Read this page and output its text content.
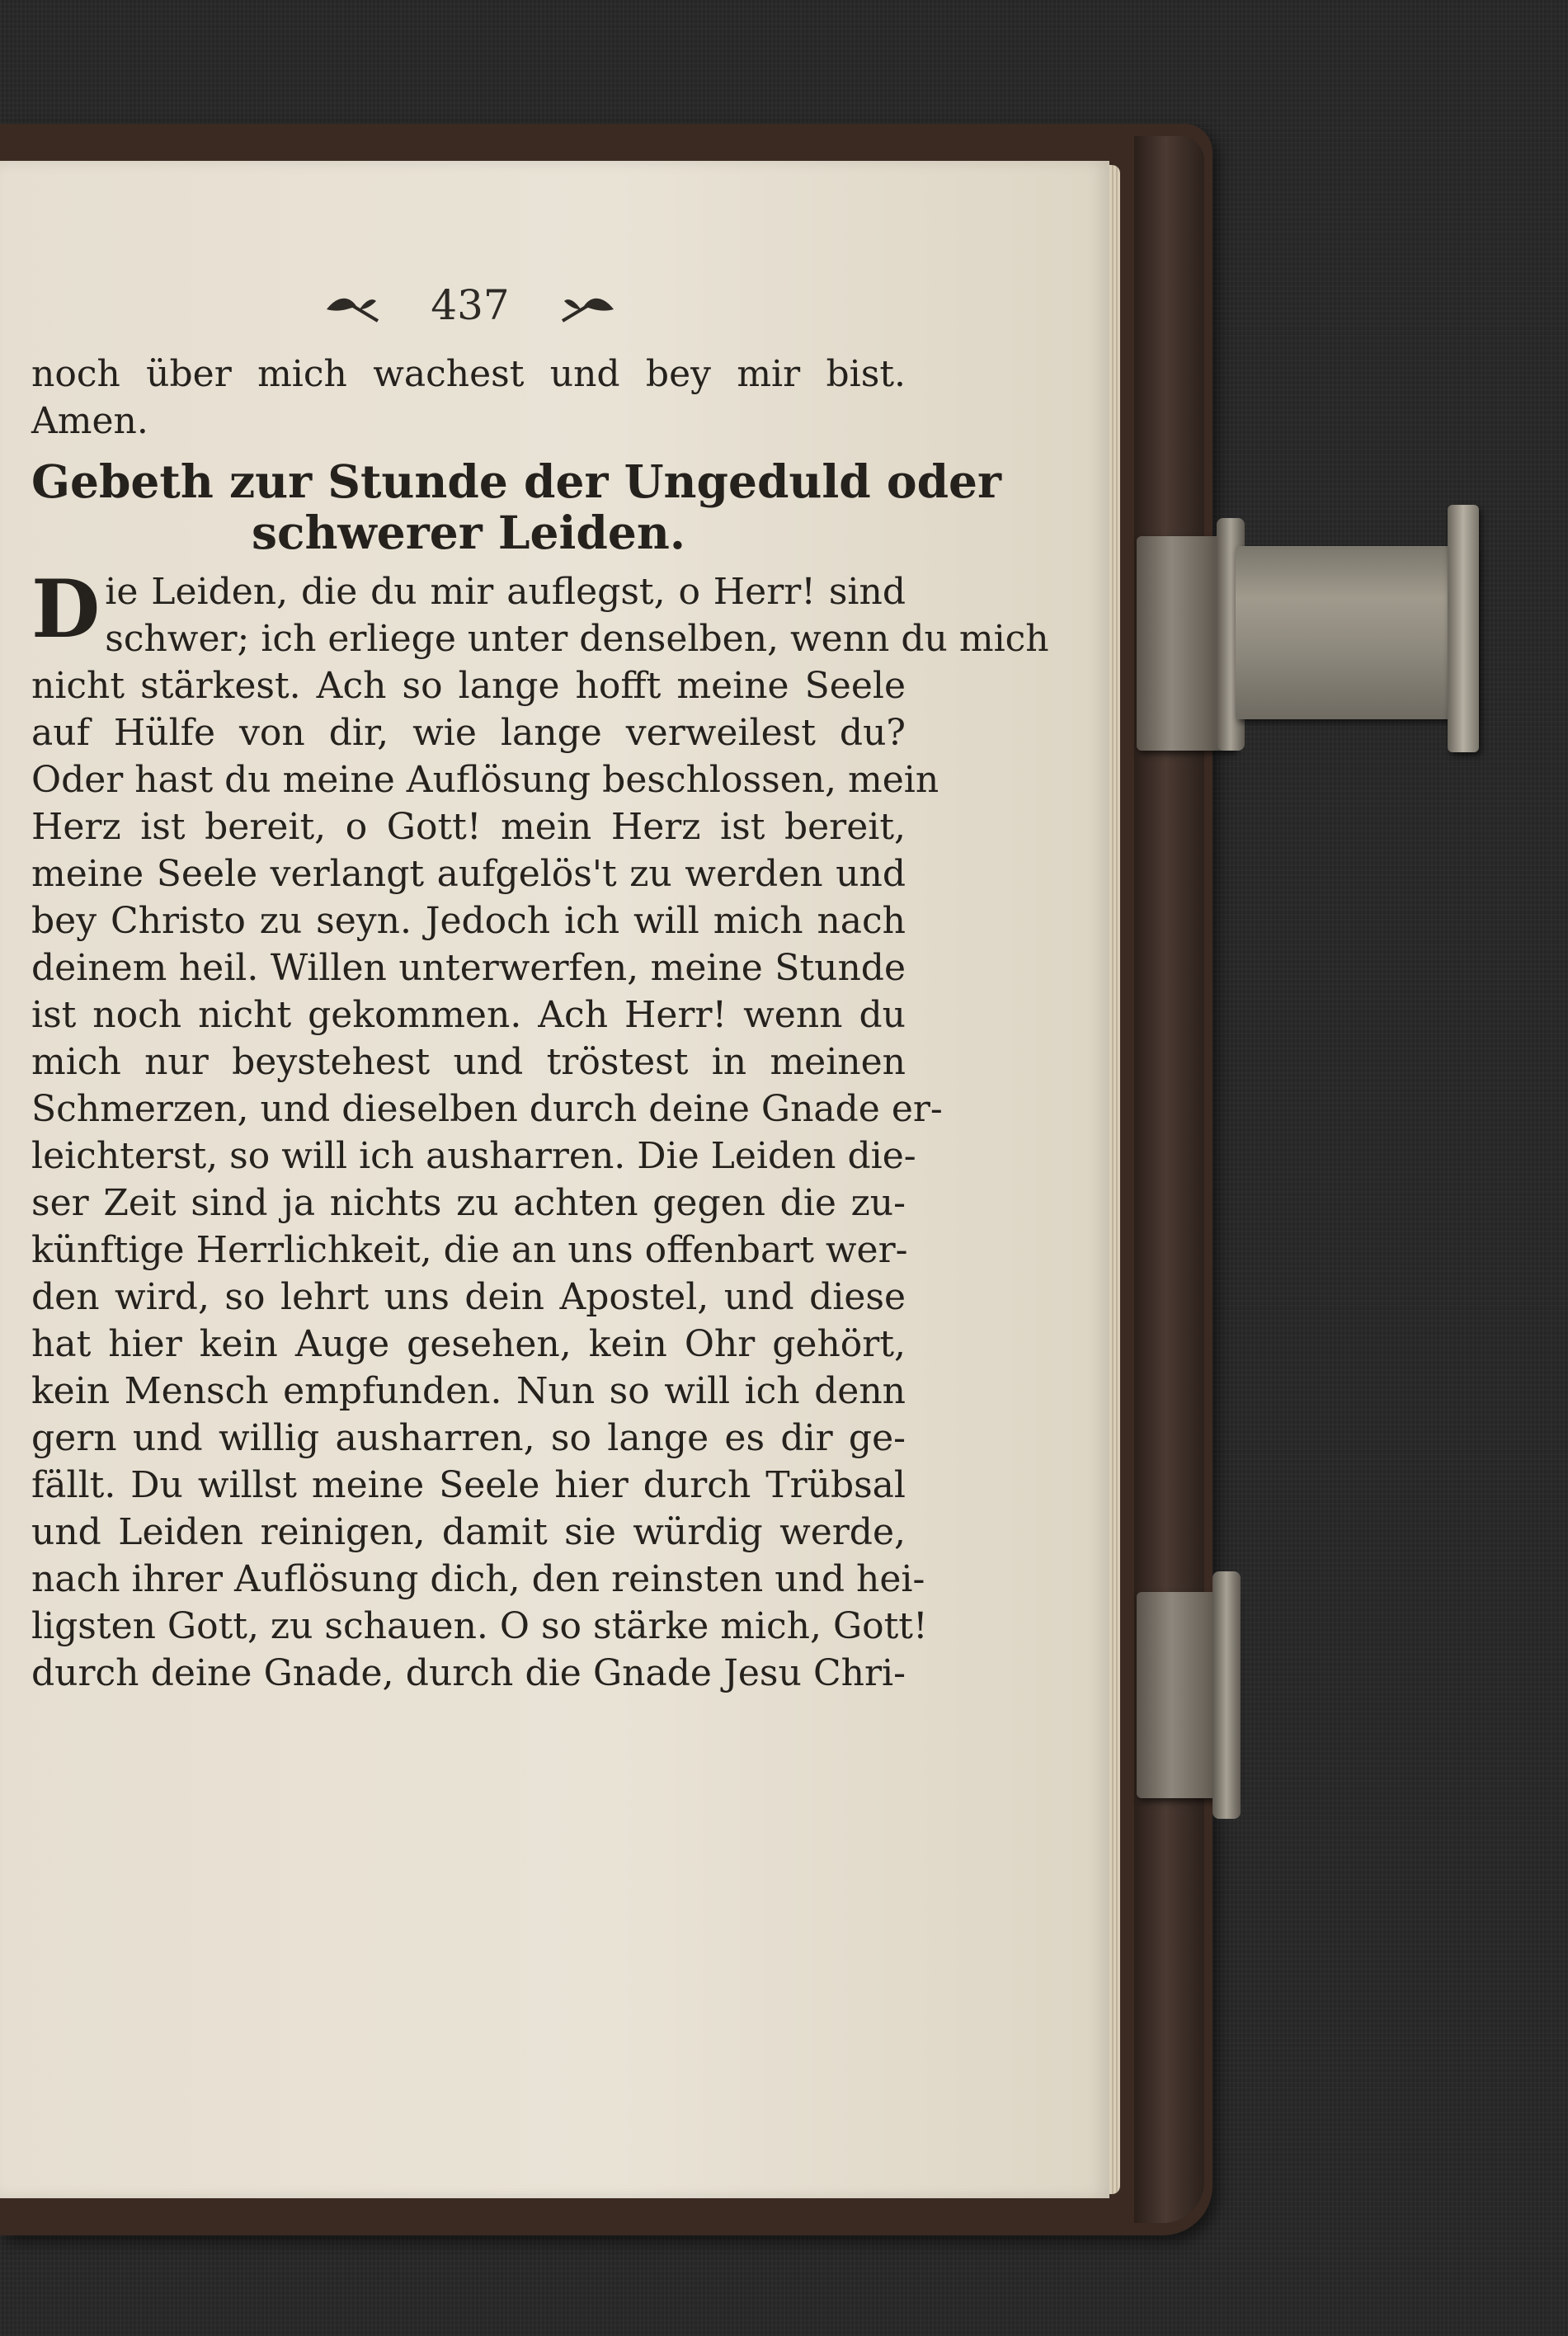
437
noch über mich wachest und bey mir bist.
Amen.
Gebeth zur Stunde der Ungeduld oder
schwerer Leiden.
D ie Leiden, die du mir auflegst, o Herr! sind
schwer; ich erliege unter denselben, wenn du mich
nicht stärkest. Ach so lange hofft meine Seele
auf Hülfe von dir, wie lange verweilest du?
Oder hast du meine Auflösung beschlossen, mein
Herz ist bereit, o Gott! mein Herz ist bereit,
meine Seele verlangt aufgelös't zu werden und
bey Christo zu seyn. Jedoch ich will mich nach
deinem heil. Willen unterwerfen, meine Stunde
ist noch nicht gekommen. Ach Herr! wenn du
mich nur beystehest und tröstest in meinen
Schmerzen, und dieselben durch deine Gnade er-
leichterst, so will ich ausharren. Die Leiden die-
ser Zeit sind ja nichts zu achten gegen die zu-
künftige Herrlichkeit, die an uns offenbart wer-
den wird, so lehrt uns dein Apostel, und diese
hat hier kein Auge gesehen, kein Ohr gehört,
kein Mensch empfunden. Nun so will ich denn
gern und willig ausharren, so lange es dir ge-
fällt. Du willst meine Seele hier durch Trübsal
und Leiden reinigen, damit sie würdig werde,
nach ihrer Auflösung dich, den reinsten und hei-
ligsten Gott, zu schauen. O so stärke mich, Gott!
durch deine Gnade, durch die Gnade Jesu Chri-
